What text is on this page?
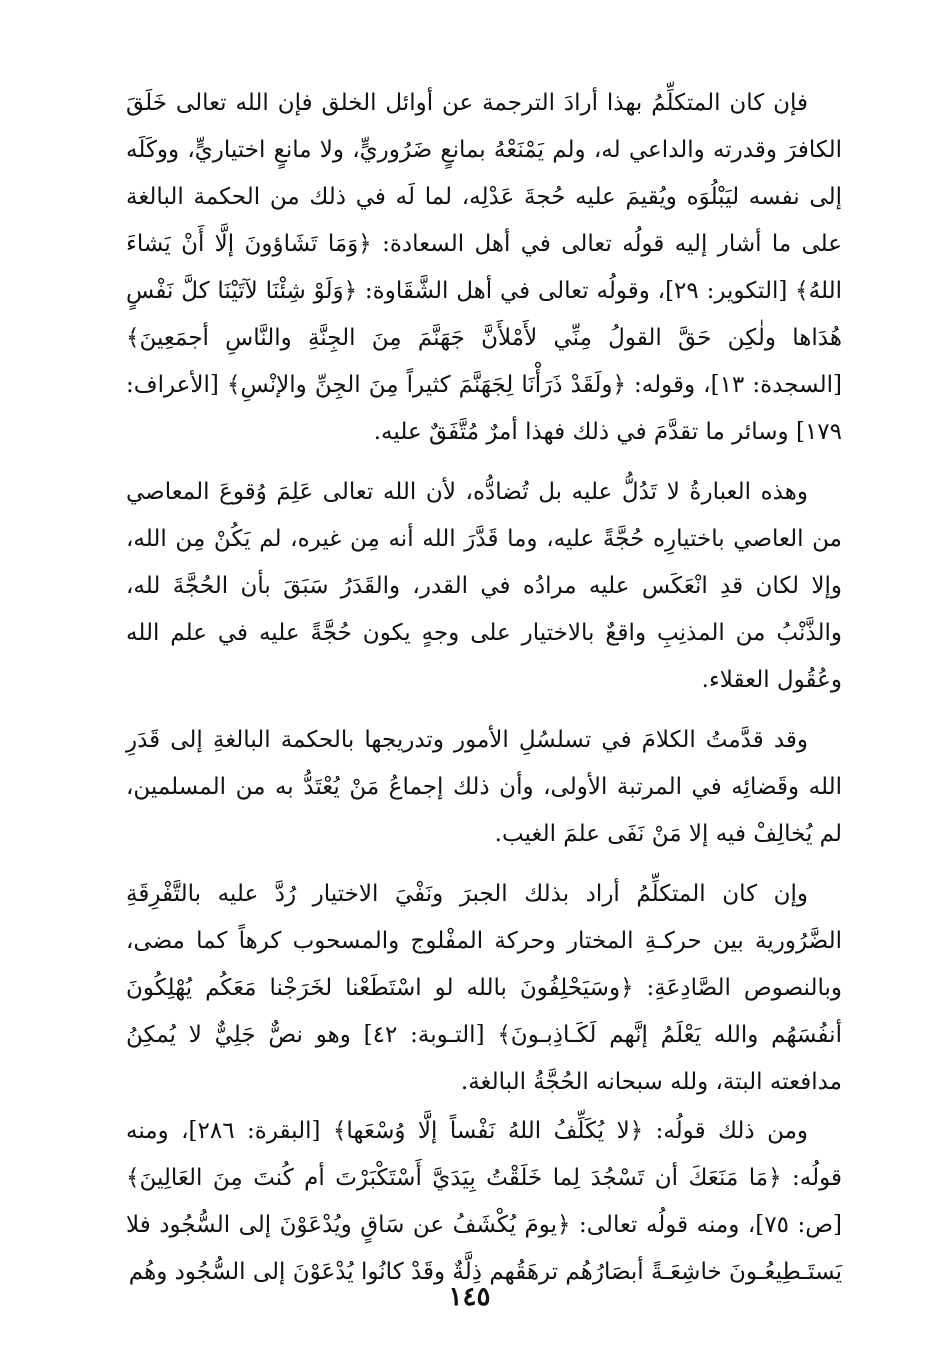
فإن كان المتكلِّمُ بهذا أرادَ الترجمة عن أوائل الخلق فإن الله تعالى خَلَقَ الكافرَ وقدرته والداعي له، ولم يَمْنَعْهُ بمانعٍ ضَرُوريٍّ، ولا مانعٍ اختياريٍّ، ووكَلَه إلى نفسه ليَبْلُوَه ويُقيمَ عليه حُجةَ عَدْلِه، لما لَه في ذلك من الحكمة البالغة على ما أشار إليه قولُه تعالى في أهل السعادة: ﴿وَمَا تَشَاؤونَ إلَّا أَنْ يَشاءَ اللهُ﴾ [التكوير: ٢٩]، وقولُه تعالى في أهل الشَّقَاوة: ﴿وَلَوْ شِئْنَا لآتَيْنَا كلَّ نَفْسٍ هُدَاها ولٰكِن حَقَّ القولُ مِنِّي لأَمْلأَنَّ جَهَنَّمَ مِنَ الجِنَّةِ والنَّاسِ أجمَعِينَ﴾ [السجدة: ١٣]، وقوله: ﴿ولَقَدْ ذَرَأْنَا لِجَهَنَّمَ كثيراً مِنَ الجِنِّ والإنْسِ﴾ [الأعراف: ١٧٩] وسائر ما تقدَّمَ في ذلك فهذا أمرٌ مُتَّفَقٌ عليه.

وهذه العبارةُ لا تَدُلُّ عليه بل تُضادُّه، لأن الله تعالى عَلِمَ وُقوعَ المعاصي من العاصي باختيارِه حُجَّةً عليه، وما قَدَّرَ الله أنه مِن غيره، لم يَكُنْ مِن الله، وإلا لكان قدِ انْعَكَس عليه مرادُه في القدر، والقَدَرُ سَبَقَ بأن الحُجَّةَ لله، والذَّنْبُ من المذنِبِ واقعٌ بالاختيار على وجهٍ يكون حُجَّةً عليه في علم الله وعُقُول العقلاء.

وقد قدَّمتُ الكلامَ في تسلسُلِ الأمور وتدريجها بالحكمة البالغةِ إلى قَدَرِ الله وقَضائِه في المرتبة الأولى، وأن ذلك إجماعُ مَنْ يُعْتَدُّ به من المسلمين، لم يُخالِفْ فيه إلا مَنْ نَفَى علمَ الغيب.

وإن كان المتكلِّمُ أراد بذلك الجبرَ ونَفْيَ الاختيار رُدَّ عليه بالتَّفْرِقَةِ الضَّرُورية بين حركـةِ المختار وحركة المفْلوج والمسحوب كرهاً كما مضى، وبالنصوص الصَّادِعَةِ: ﴿وسَيَحْلِفُونَ بالله لو اسْتَطَعْنا لخَرَجْنا مَعَكُم يُهْلِكُونَ أنفُسَهُم والله يَعْلَمُ إنَّهم لَكَـاذِبـونَ﴾ [التـوبة: ٤٢] وهو نصٌّ جَلِيٌّ لا يُمكِنُ مدافعته البتة، ولله سبحانه الحُجَّةُ البالغة.

ومن ذلك قولُه: ﴿لا يُكَلِّفُ اللهُ نَفْساً إلَّا وُسْعَها﴾ [البقرة: ٢٨٦]، ومنه قولُه: ﴿مَا مَنَعَكَ أن تَسْجُدَ لِما خَلَقْتُ بِيَدَيَّ أَسْتَكْبَرْتَ أم كُنتَ مِنَ العَالِينَ﴾ [ص: ٧٥]، ومنه قولُه تعالى: ﴿يومَ يُكْشَفُ عن سَاقٍ ويُدْعَوْنَ إلى السُّجُود فلا يَستَـطِيعُـونَ خاشِعَـةً أبصَارُهُم ترهَقُهم ذِلَّةٌ وقَدْ كانُوا يُدْعَوْنَ إلى السُّجُود وهُم

١٤٥
